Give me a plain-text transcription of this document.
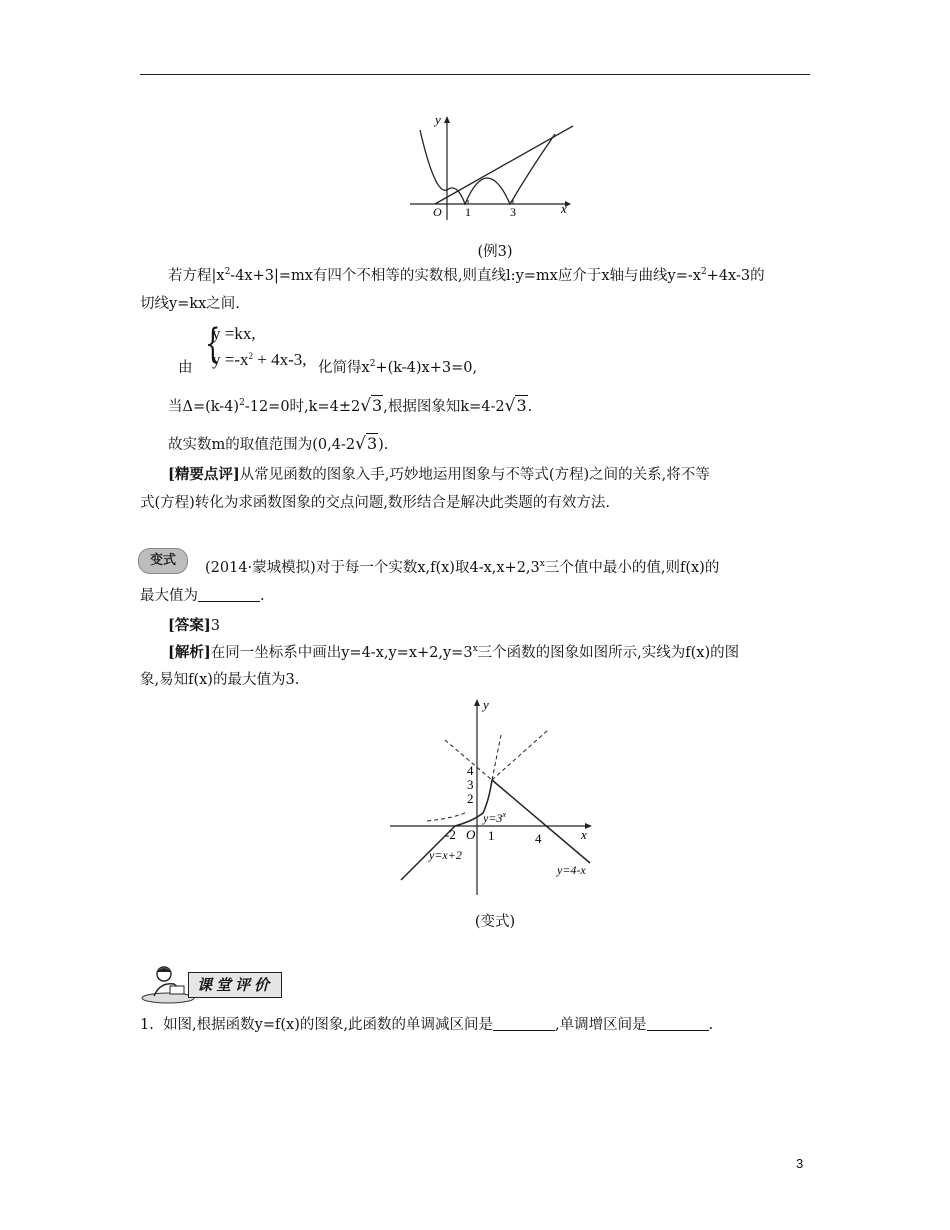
y
x
O 1	3
(例3)

若方程$|x^2-4x+3|=mx$有四个不相等的实数根,则直线l:y=mx应介于x轴与曲线$y=-x^2+4x-3$的

切线y=kx之间.

{
y =kx,
$y =-x^2 + 4x-3$,

由	化简得$x^2+(k-4)x+3=0$,

当$\Delta=(k-4)^2-12=0$时,k=4±2√3,根据图象知k=4-2√3.

故实数m的取值范围为(0,4-2√3).

[精要点评]从常见函数的图象入手,巧妙地运用图象与不等式(方程)之间的关系,将不等

式(方程)转化为求函数图象的交点问题,数形结合是解决此类题的有效方法.

变式	(2014·蒙城模拟)对于每一个实数x,f(x)取$4-x,x+2,3^x$三个值中最小的值,则f(x)的

最大值为	.

[答案]3

[解析]在同一坐标系中画出$y=4-x,y=x+2,y=3^x$三个函数的图象如图所示,实线为f(x)的图

象,易知f(x)的最大值为3.

y
x
O
-2 1	4
2
3
4
$y=3^x$
y=x+2
y=4-x
(变式)
课堂评价

1. 如图,根据函数y=f(x)的图象,此函数的单调减区间是	,单调增区间是	.

3
